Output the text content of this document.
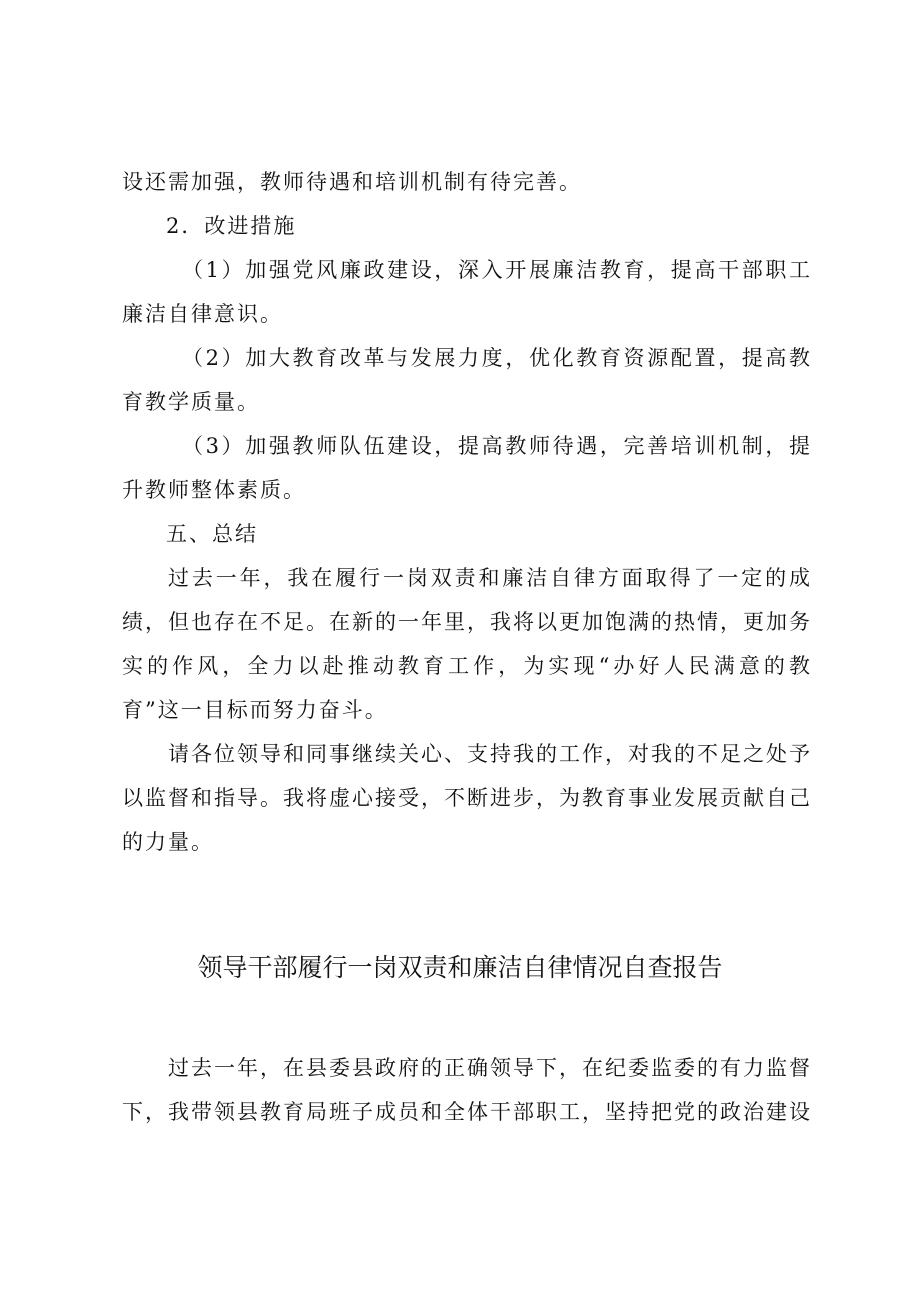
设还需加强，教师待遇和培训机制有待完善。
2．改进措施
（1）加强党风廉政建设，深入开展廉洁教育，提高干部职工廉洁自律意识。
（2）加大教育改革与发展力度，优化教育资源配置，提高教育教学质量。
（3）加强教师队伍建设，提高教师待遇，完善培训机制，提升教师整体素质。
五、总结
过去一年，我在履行一岗双责和廉洁自律方面取得了一定的成绩，但也存在不足。在新的一年里，我将以更加饱满的热情，更加务实的作风，全力以赴推动教育工作，为实现“办好人民满意的教育”这一目标而努力奋斗。
请各位领导和同事继续关心、支持我的工作，对我的不足之处予以监督和指导。我将虚心接受，不断进步，为教育事业发展贡献自己的力量。
领导干部履行一岗双责和廉洁自律情况自查报告
过去一年，在县委县政府的正确领导下，在纪委监委的有力监督下，我带领县教育局班子成员和全体干部职工，坚持把党的政治建设
